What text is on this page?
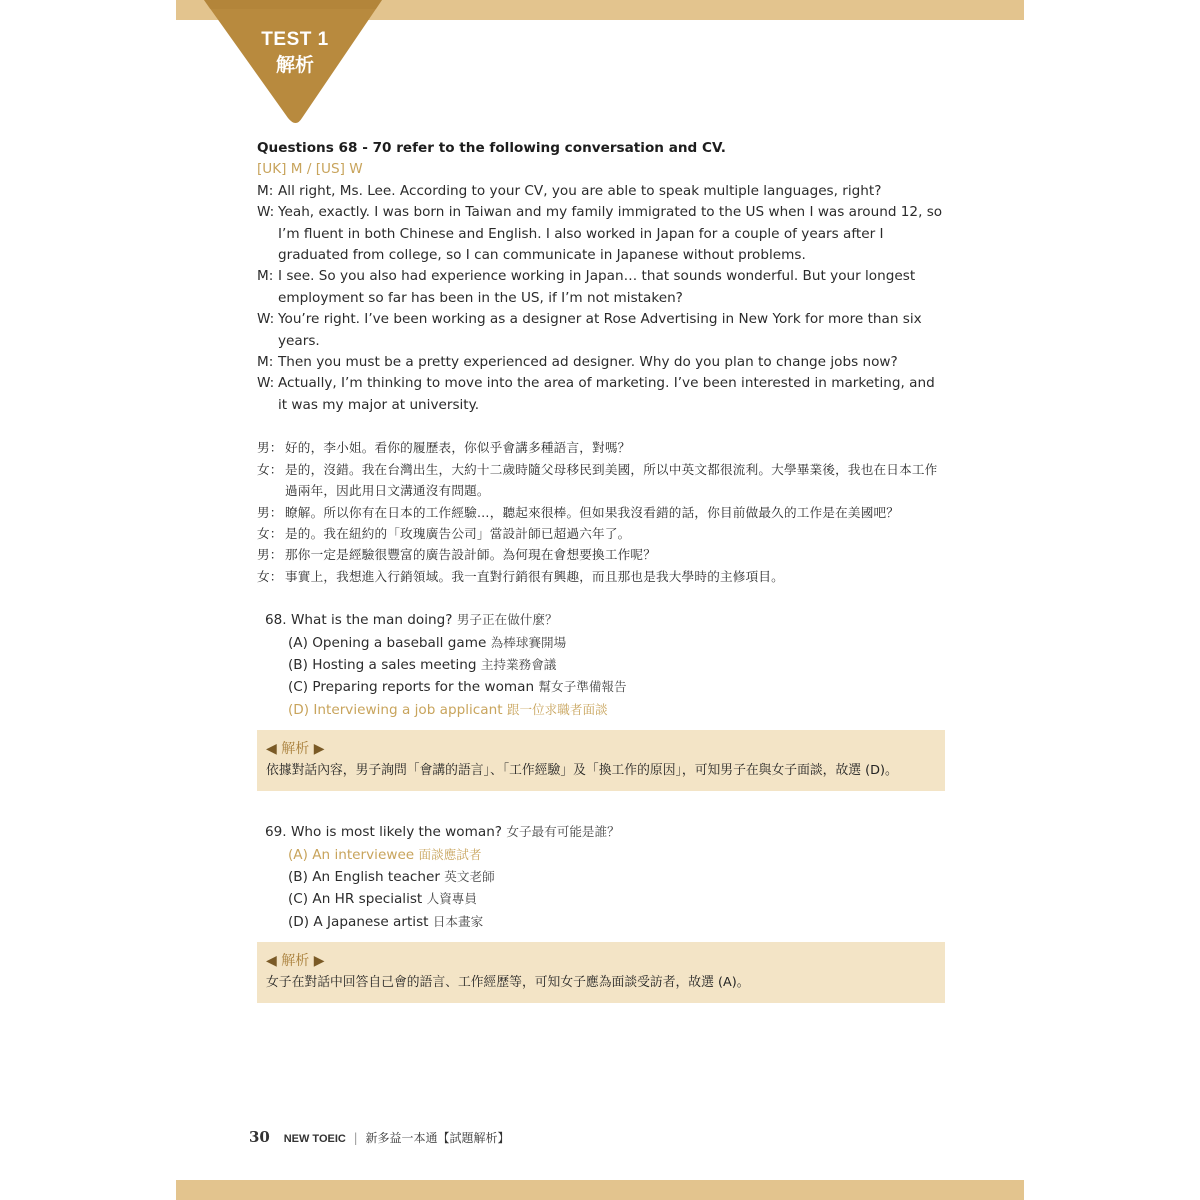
TEST 1
解析
Questions 68 - 70 refer to the following conversation and CV.
[UK] M / [US] W
M: All right, Ms. Lee. According to your CV, you are able to speak multiple languages, right?
W: Yeah, exactly. I was born in Taiwan and my family immigrated to the US when I was around 12, so I’m fluent in both Chinese and English. I also worked in Japan for a couple of years after I graduated from college, so I can communicate in Japanese without problems.
M: I see. So you also had experience working in Japan… that sounds wonderful. But your longest employment so far has been in the US, if I’m not mistaken?
W: You’re right. I’ve been working as a designer at Rose Advertising in New York for more than six years.
M: Then you must be a pretty experienced ad designer. Why do you plan to change jobs now?
W: Actually, I’m thinking to move into the area of marketing. I’ve been interested in marketing, and it was my major at university.
男： 好的，李小姐。看你的履歷表，你似乎會講多種語言，對嗎？
女： 是的，沒錯。我在台灣出生，大約十二歲時隨父母移民到美國，所以中英文都很流利。大學畢業後，我也在日本工作過兩年，因此用日文溝通沒有問題。
男： 瞭解。所以你有在日本的工作經驗…，聽起來很棒。但如果我沒看錯的話，你目前做最久的工作是在美國吧？
女： 是的。我在紐約的「玫瑰廣告公司」當設計師已超過六年了。
男： 那你一定是經驗很豐富的廣告設計師。為何現在會想要換工作呢？
女： 事實上，我想進入行銷領域。我一直對行銷很有興趣，而且那也是我大學時的主修項目。
68. What is the man doing? 男子正在做什麼？
(A) Opening a baseball game 為棒球賽開場
(B) Hosting a sales meeting 主持業務會議
(C) Preparing reports for the woman 幫女子準備報告
(D) Interviewing a job applicant 跟一位求職者面談
◀ 解析 ▶
依據對話內容，男子詢問「會講的語言」、「工作經驗」及「換工作的原因」，可知男子在與女子面談，故選 (D)。
69. Who is most likely the woman? 女子最有可能是誰？
(A) An interviewee 面談應試者
(B) An English teacher 英文老師
(C) An HR specialist 人資專員
(D) A Japanese artist 日本畫家
◀ 解析 ▶
女子在對話中回答自己會的語言、工作經歷等，可知女子應為面談受訪者，故選 (A)。
30 NEW TOEIC | 新多益一本通【試題解析】
